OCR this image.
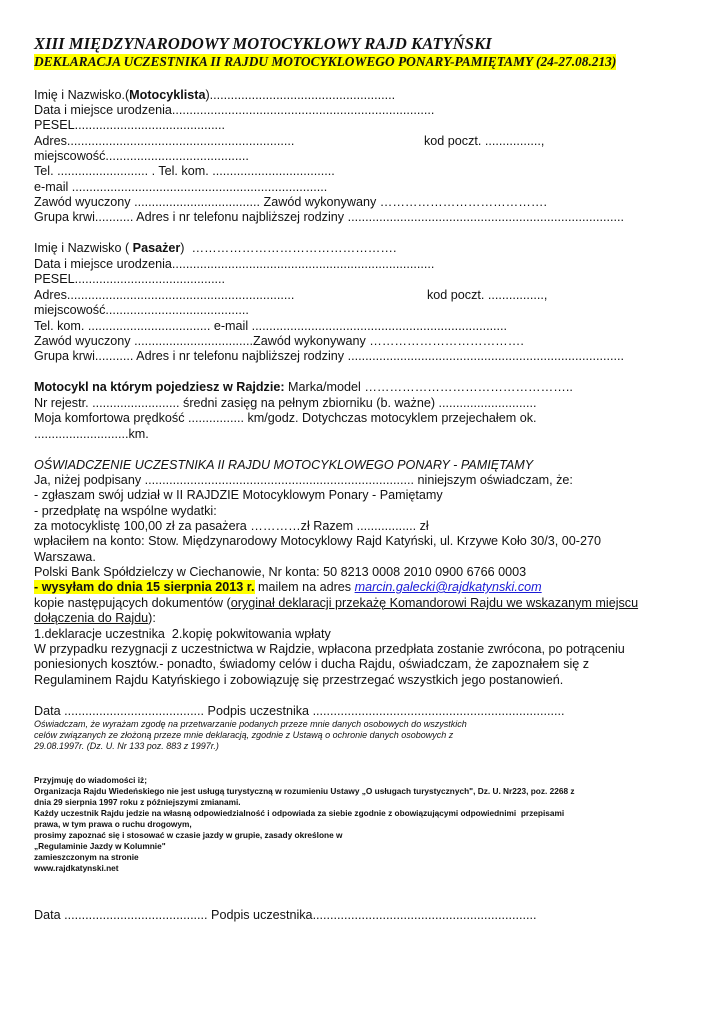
XIII MIĘDZYNARODOWY MOTOCYKLOWY RAJD KATYŃSKI
DEKLARACJA UCZESTNIKA II RAJDU MOTOCYKLOWEGO PONARY-PAMIĘTAMY (24-27.08.213)
Imię i Nazwisko.(Motocyklista).....................................................
Data i miejsce urodzenia...........................................................................
PESEL...........................................
Adres.................................................................	kod poczt. ................,
miejscowość.........................................
Tel. .......................... . Tel. kom. ...................................
e-mail .........................................................................
Zawód wyuczony .................................... Zawód wykonywany ………………………………….
Grupa krwi........... Adres i nr telefonu najbliższej rodziny ...............................................................................
Imię i Nazwisko ( Pasażer)  ………………………………………….
Data i miejsce urodzenia...........................................................................
PESEL...........................................
Adres.................................................................	kod poczt. ................,
miejscowość.........................................
Tel. kom. ................................... e-mail .........................................................................
Zawód wyuczony ..................................Zawód wykonywany ……………………………….
Grupa krwi........... Adres i nr telefonu najbliższej rodziny ...............................................................................
Motocykl na którym pojedziesz w Rajdzie: Marka/model …………………………………………..
Nr rejestr. ......................... średni zasięg na pełnym zbiorniku (b. ważne) ............................
Moja komfortowa prędkość ................ km/godz. Dotychczas motocyklem przejechałem ok.
...........................km.
OŚWIADCZENIE UCZESTNIKA II RAJDU MOTOCYKLOWEGO PONARY - PAMIĘTAMY
Ja, niżej podpisany ............................................................................. niniejszym oświadczam, że:
- zgłaszam swój udział w II RAJDZIE Motocyklowym Ponary - Pamiętamy
- przedpłatę na wspólne wydatki:
za motocyklistę 100,00 zł za pasażera …………zł Razem ................. zł
wpłaciłem na konto: Stow. Międzynarodowy Motocyklowy Rajd Katyński, ul. Krzywe Koło 30/3, 00-270
Warszawa.
Polski Bank Spółdzielczy w Ciechanowie, Nr konta: 50 8213 0008 2010 0900 6766 0003
- wysyłam do dnia 15 sierpnia 2013 r. mailem na adres marcin.galecki@rajdkatynski.com
kopie następujących dokumentów (oryginał deklaracji przekażę Komandorowi Rajdu we wskazanym miejscu
dołączenia do Rajdu):
1.deklaracje uczestnika  2.kopię pokwitowania wpłaty
W przypadku rezygnacji z uczestnictwa w Rajdzie, wpłacona przedpłata zostanie zwrócona, po potrąceniu
poniesionych kosztów.- ponadto, świadomy celów i ducha Rajdu, oświadczam, że zapoznałem się z
Regulaminem Rajdu Katyńskiego i zobowiązuję się przestrzegać wszystkich jego postanowień.
Data ........................................ Podpis uczestnika ........................................................................
Oświadczam, że wyrażam zgodę na przetwarzanie podanych przeze mnie danych osobowych do wszystkich
celów związanych ze złożoną przeze mnie deklaracją, zgodnie z Ustawą o ochronie danych osobowych z
29.08.1997r. (Dz. U. Nr 133 poz. 883 z 1997r.)
Przyjmuję do wiadomości iż;
Organizacja Rajdu Wiedeńskiego nie jest usługą turystyczną w rozumieniu Ustawy „O usługach turystycznych", Dz. U. Nr223, poz. 2268 z
dnia 29 sierpnia 1997 roku z późniejszymi zmianami.
Każdy uczestnik Rajdu jedzie na własną odpowiedzialność i odpowiada za siebie zgodnie z obowiązującymi odpowiednimi  przepisami
prawa, w tym prawa o ruchu drogowym,
prosimy zapoznać się i stosować w czasie jazdy w grupie, zasady określone w
„Regulaminie Jazdy w Kolumnie"
zamieszczonym na stronie
www.rajdkatynski.net
Data ......................................... Podpis uczestnika................................................................
